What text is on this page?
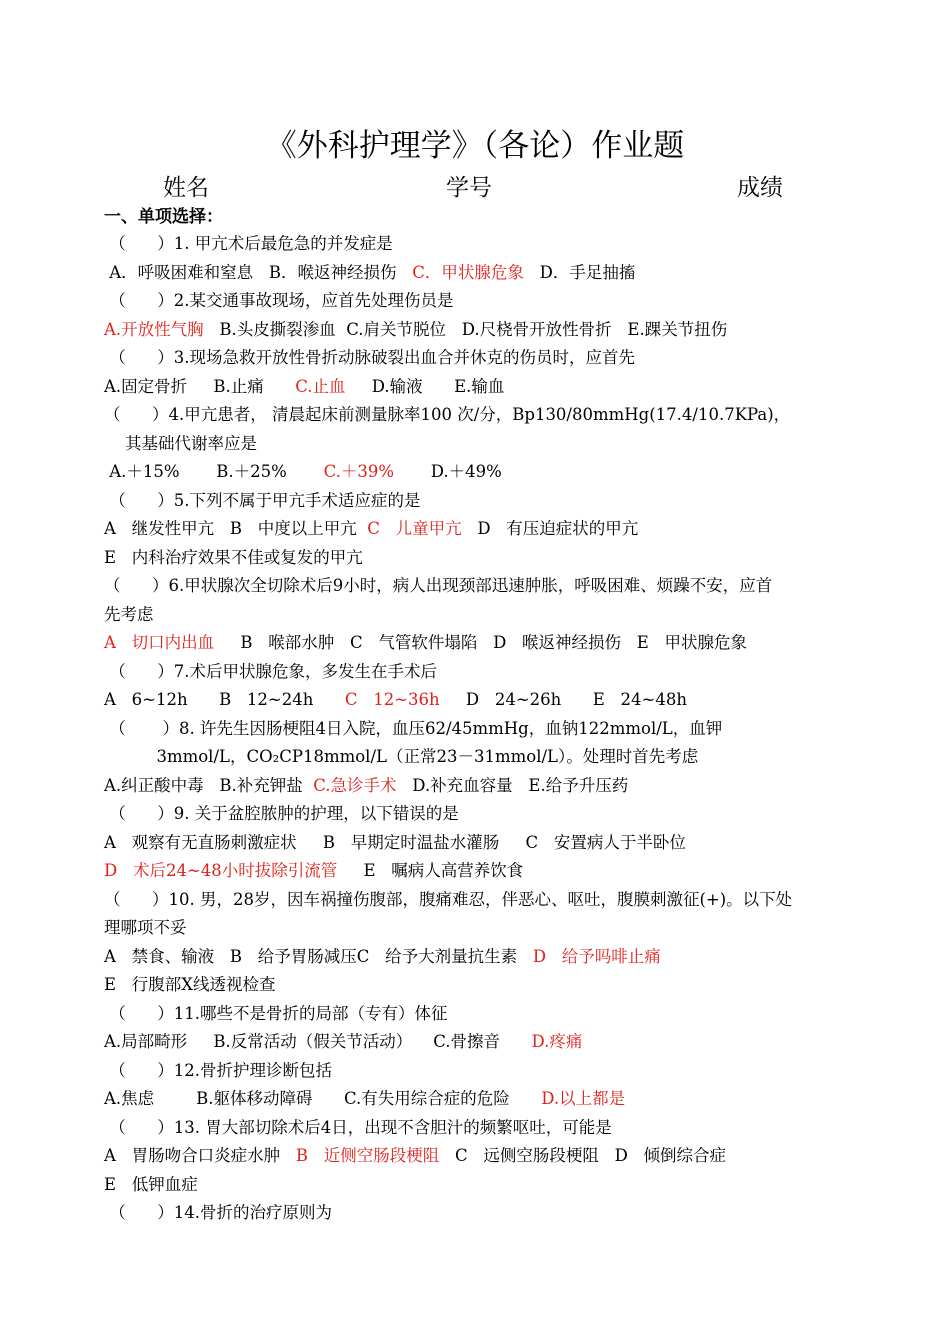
《外科护理学》（各论）作业题
姓名	学号	成绩
一、单项选择：
（      ）1. 甲亢术后最危急的并发症是
A．呼吸困难和窒息   B．喉返神经损伤   C．甲状腺危象   D．手足抽搐
（      ）2.某交通事故现场，应首先处理伤员是
A.开放性气胸   B.头皮撕裂渗血  C.肩关节脱位   D.尺桡骨开放性骨折   E.踝关节扭伤
（      ）3.现场急救开放性骨折动脉破裂出血合并休克的伤员时，应首先
A.固定骨折     B.止痛      C.止血     D.输液      E.输血
（      ）4.甲亢患者， 清晨起床前测量脉率100 次/分，Bp130/80mmHg(17.4/10.7KPa)，
其基础代谢率应是
A.＋15%       B.＋25%       C.＋39%       D.＋49%
（      ）5.下列不属于甲亢手术适应症的是
A   继发性甲亢   B   中度以上甲亢  C   儿童甲亢   D   有压迫症状的甲亢
E   内科治疗效果不佳或复发的甲亢
（      ）6.甲状腺次全切除术后9小时，病人出现颈部迅速肿胀，呼吸困难、烦躁不安，应首
先考虑
A   切口内出血     B   喉部水肿   C   气管软件塌陷   D   喉返神经损伤   E   甲状腺危象
（      ）7.术后甲状腺危象，多发生在手术后
A   6~12h      B   12~24h      C   12~36h     D   24~26h      E   24~48h
（       ）8. 许先生因肠梗阻4日入院，血压62/45mmHg，血钠122mmol/L，血钾
3mmol/L，CO₂CP18mmol/L（正常23－31mmol/L）。处理时首先考虑
A.纠正酸中毒   B.补充钾盐  C.急诊手术   D.补充血容量   E.给予升压药
（      ）9. 关于盆腔脓肿的护理，以下错误的是
A   观察有无直肠刺激症状     B   早期定时温盐水灌肠     C   安置病人于半卧位
D   术后24~48小时拔除引流管     E   嘱病人高营养饮食
（      ）10. 男，28岁，因车祸撞伤腹部，腹痛难忍，伴恶心、呕吐，腹膜刺激征(+)。以下处
理哪项不妥
A   禁食、输液   B   给予胃肠减压C   给予大剂量抗生素   D   给予吗啡止痛
E   行腹部X线透视检查
（      ）11.哪些不是骨折的局部（专有）体征
A.局部畸形     B.反常活动（假关节活动）    C.骨擦音      D.疼痛
（      ）12.骨折护理诊断包括
A.焦虑        B.躯体移动障碍      C.有失用综合症的危险      D.以上都是
（      ）13. 胃大部切除术后4日，出现不含胆汁的频繁呕吐，可能是
A   胃肠吻合口炎症水肿   B   近侧空肠段梗阻   C   远侧空肠段梗阻   D   倾倒综合症
E   低钾血症
（      ）14.骨折的治疗原则为
